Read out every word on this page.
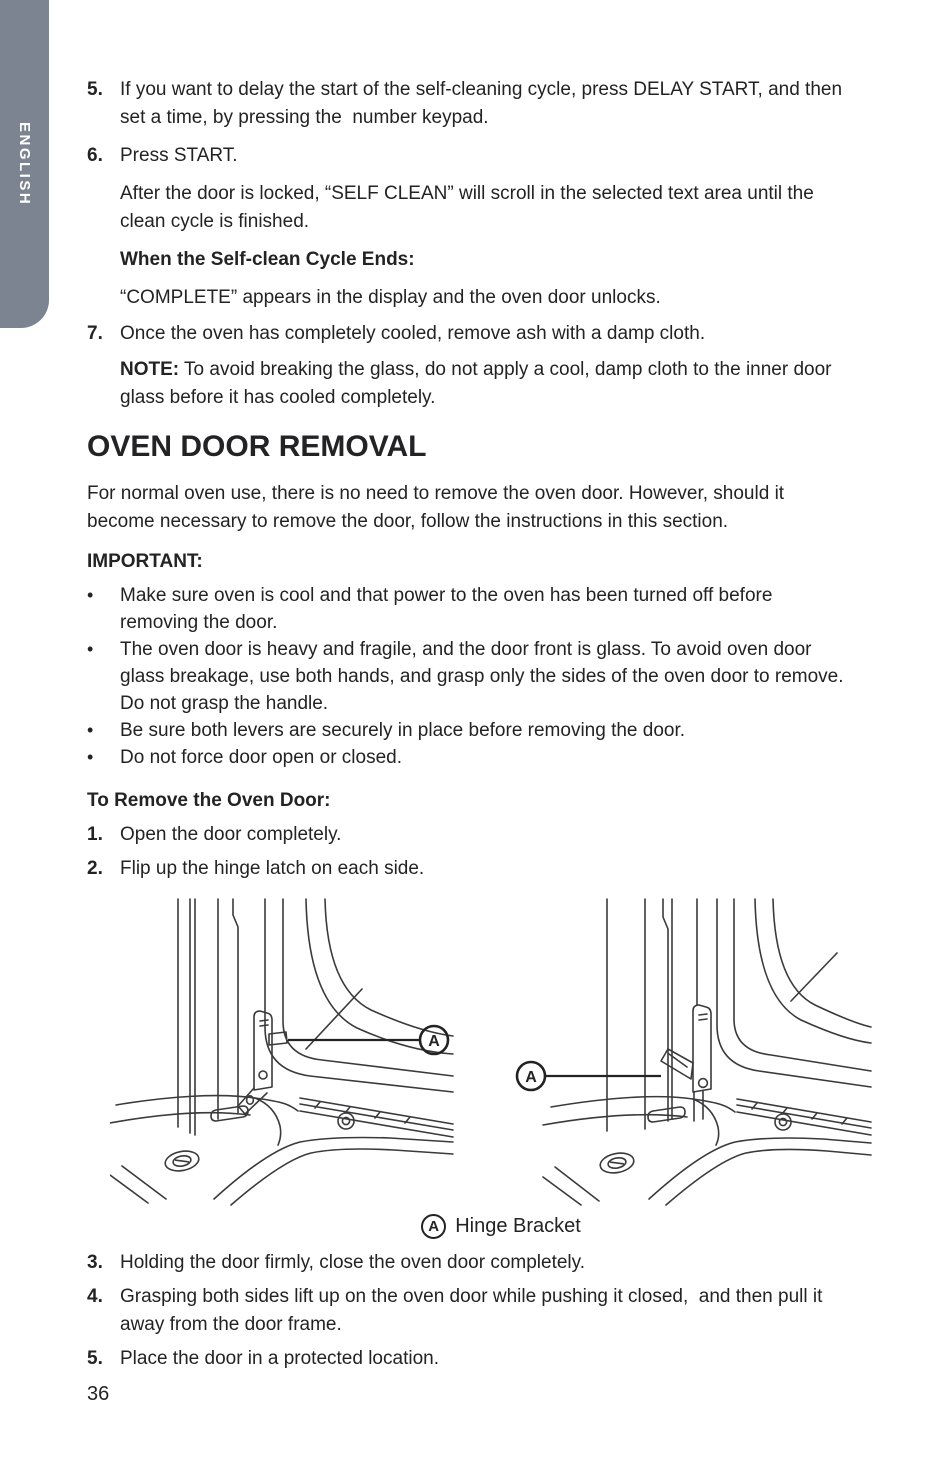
ENGLISH
5. If you want to delay the start of the self-cleaning cycle, press DELAY START, and then set a time, by pressing the  number keypad.
6. Press START.

After the door is locked, “SELF CLEAN” will scroll in the selected text area until the clean cycle is finished.

When the Self-clean Cycle Ends:

“COMPLETE” appears in the display and the oven door unlocks.

7. Once the oven has completely cooled, remove ash with a damp cloth.

NOTE: To avoid breaking the glass, do not apply a cool, damp cloth to the inner door glass before it has cooled completely.

OVEN DOOR REMOVAL

For normal oven use, there is no need to remove the oven door. However, should it become necessary to remove the door, follow the instructions in this section.

IMPORTANT:

•	Make sure oven is cool and that power to the oven has been turned off before removing the door.
•	The oven door is heavy and fragile, and the door front is glass. To avoid oven door glass breakage, use both hands, and grasp only the sides of the oven door to remove. Do not grasp the handle.
•	Be sure both levers are securely in place before removing the door.
•	Do not force door open or closed.

To Remove the Oven Door:

1. Open the door completely.
2. Flip up the hinge latch on each side.
A
A
A Hinge Bracket
3. Holding the door firmly, close the oven door completely.
4. Grasping both sides lift up on the oven door while pushing it closed,  and then pull it away from the door frame.
5. Place the door in a protected location.
36
